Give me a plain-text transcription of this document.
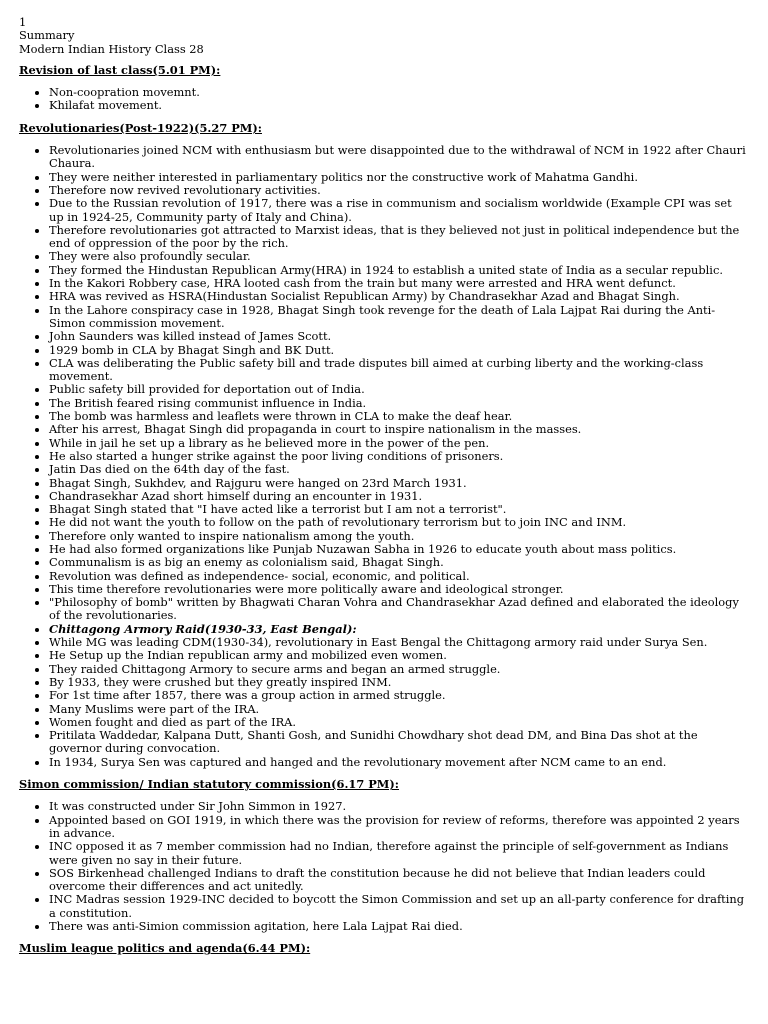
1
Summary
Modern Indian History Class 28
Revision of last class(5.01 PM):
• Non-coopration movemnt.
• Khilafat movement.
Revolutionaries(Post-1922)(5.27 PM):
• Revolutionaries joined NCM with enthusiasm but were disappointed due to the withdrawal of NCM in 1922 after Chauri Chaura.
• They were neither interested in parliamentary politics nor the constructive work of Mahatma Gandhi.
• Therefore now revived revolutionary activities.
• Due to the Russian revolution of 1917, there was a rise in communism and socialism worldwide (Example CPI was set up in 1924-25, Community party of Italy and China).
• Therefore revolutionaries got attracted to Marxist ideas, that is they believed not just in political independence but the end of oppression of the poor by the rich.
• They were also profoundly secular.
• They formed the Hindustan Republican Army(HRA) in 1924 to establish a united state of India as a secular republic.
• In the Kakori Robbery case, HRA looted cash from the train but many were arrested and HRA went defunct.
• HRA was revived as HSRA(Hindustan Socialist Republican Army) by Chandrasekhar Azad and Bhagat Singh.
• In the Lahore conspiracy case in 1928, Bhagat Singh took revenge for the death of Lala Lajpat Rai during the Anti-Simon commission movement.
• John Saunders was killed instead of James Scott.
• 1929 bomb in CLA by Bhagat Singh and BK Dutt.
• CLA was deliberating the Public safety bill and trade disputes bill aimed at curbing liberty and the working-class movement.
• Public safety bill provided for deportation out of India.
• The British feared rising communist influence in India.
• The bomb was harmless and leaflets were thrown in CLA to make the deaf hear.
• After his arrest, Bhagat Singh did propaganda in court to inspire nationalism in the masses.
• While in jail he set up a library as he believed more in the power of the pen.
• He also started a hunger strike against the poor living conditions of prisoners.
• Jatin Das died on the 64th day of the fast.
• Bhagat Singh, Sukhdev, and Rajguru were hanged on 23rd March 1931.
• Chandrasekhar Azad short himself during an encounter in 1931.
• Bhagat Singh stated that "I have acted like a terrorist but I am not a terrorist".
• He did not want the youth to follow on the path of revolutionary terrorism but to join INC and INM.
• Therefore only wanted to inspire nationalism among the youth.
• He had also formed organizations like Punjab Nuzawan Sabha in 1926 to educate youth about mass politics.
• Communalism is as big an enemy as colonialism said, Bhagat Singh.
• Revolution was defined as independence- social, economic, and political.
• This time therefore revolutionaries were more politically aware and ideological stronger.
• "Philosophy of bomb" written by Bhagwati Charan Vohra and Chandrasekhar Azad defined and elaborated the ideology of the revolutionaries.
• Chittagong Armory Raid(1930-33, East Bengal):
• While MG was leading CDM(1930-34), revolutionary in East Bengal the Chittagong armory raid under Surya Sen.
• He Setup up the Indian republican army and mobilized even women.
• They raided Chittagong Armory to secure arms and began an armed struggle.
• By 1933, they were crushed but they greatly inspired INM.
• For 1st time after 1857, there was a group action in armed struggle.
• Many Muslims were part of the IRA.
• Women fought and died as part of the IRA.
• Pritilata Waddedar, Kalpana Dutt, Shanti Gosh, and Sunidhi Chowdhary shot dead DM, and Bina Das shot at the governor during convocation.
• In 1934, Surya Sen was captured and hanged and the revolutionary movement after NCM came to an end.
Simon commission/ Indian statutory commission(6.17 PM):
• It was constructed under Sir John Simmon in 1927.
• Appointed based on GOI 1919, in which there was the provision for review of reforms, therefore was appointed 2 years in advance.
• INC opposed it as 7 member commission had no Indian, therefore against the principle of self-government as Indians were given no say in their future.
• SOS Birkenhead challenged Indians to draft the constitution because he did not believe that Indian leaders could overcome their differences and act unitedly.
• INC Madras session 1929-INC decided to boycott the Simon Commission and set up an all-party conference for drafting a constitution.
• There was anti-Simion commission agitation, here Lala Lajpat Rai died.
Muslim league politics and agenda(6.44 PM):
